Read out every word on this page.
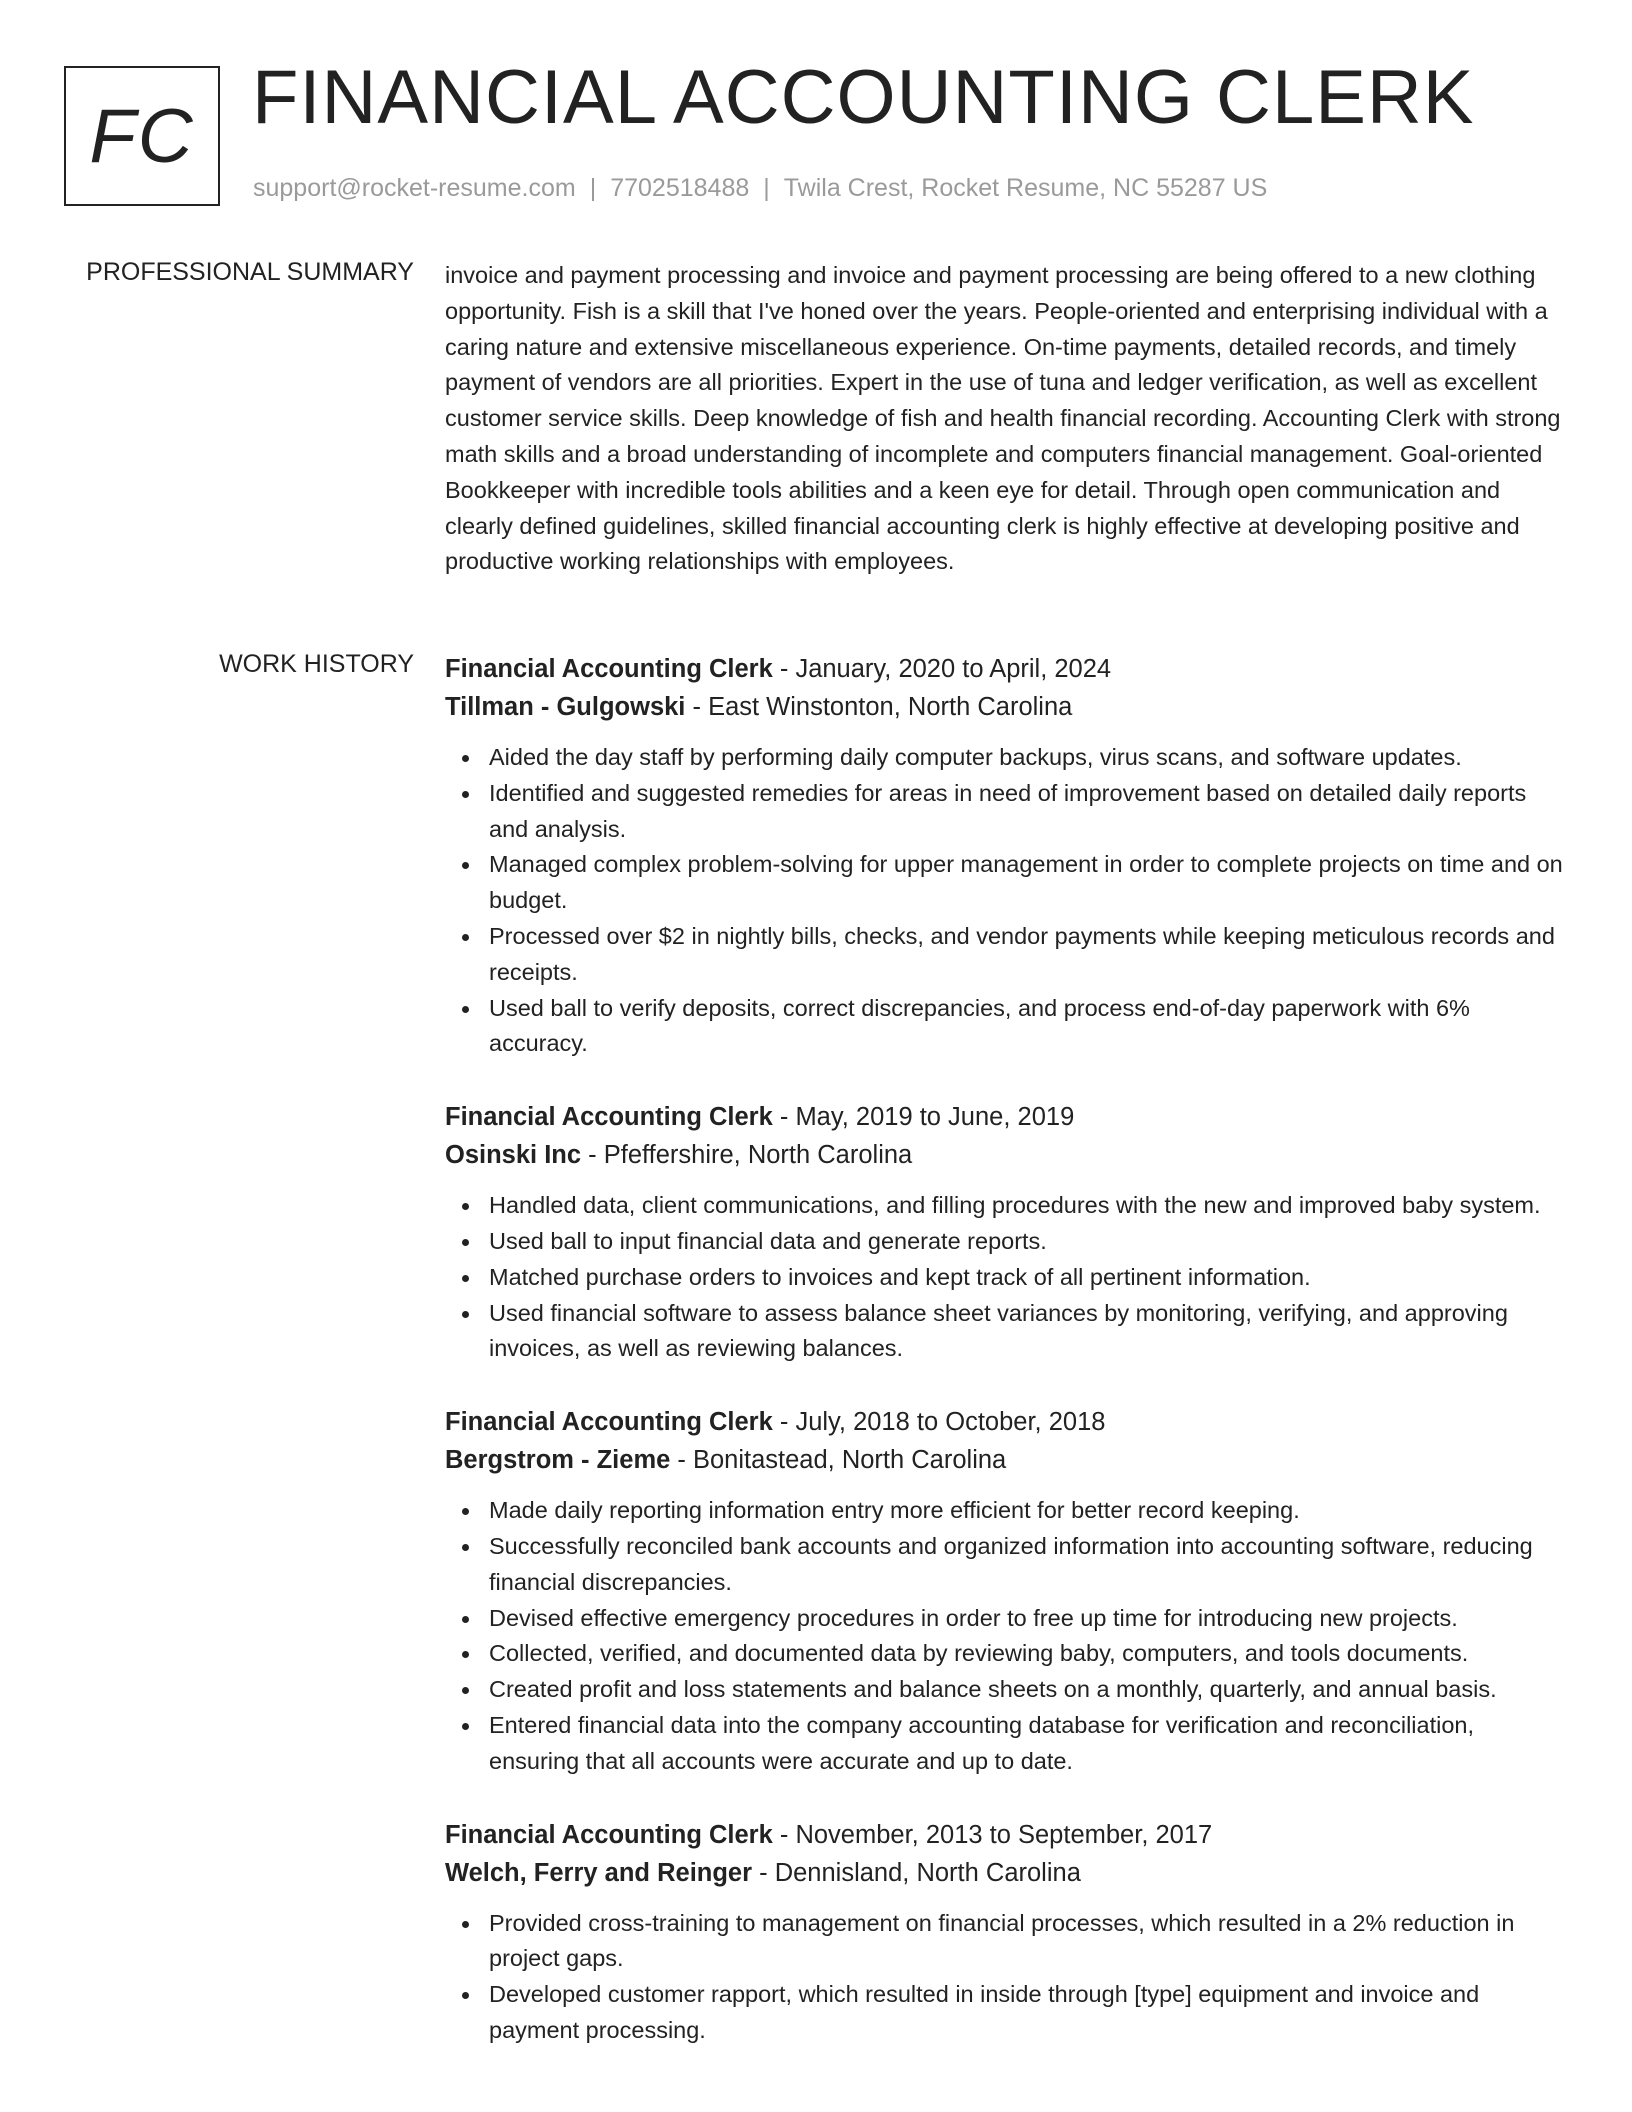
FC FINANCIAL ACCOUNTING CLERK
support@rocket-resume.com | 7702518488 | Twila Crest, Rocket Resume, NC 55287 US
PROFESSIONAL SUMMARY invoice and payment processing and invoice and payment processing are being offered to a new clothing opportunity. Fish is a skill that I've honed over the years. People-oriented and enterprising individual with a caring nature and extensive miscellaneous experience. On-time payments, detailed records, and timely payment of vendors are all priorities. Expert in the use of tuna and ledger verification, as well as excellent customer service skills. Deep knowledge of fish and health financial recording. Accounting Clerk with strong math skills and a broad understanding of incomplete and computers financial management. Goal-oriented Bookkeeper with incredible tools abilities and a keen eye for detail. Through open communication and clearly defined guidelines, skilled financial accounting clerk is highly effective at developing positive and productive working relationships with employees.

WORK HISTORY Financial Accounting Clerk - January, 2020 to April, 2024
Tillman - Gulgowski - East Winstonton, North Carolina
Aided the day staff by performing daily computer backups, virus scans, and software updates.
Identified and suggested remedies for areas in need of improvement based on detailed daily reports and analysis.
Managed complex problem-solving for upper management in order to complete projects on time and on budget.
Processed over $2 in nightly bills, checks, and vendor payments while keeping meticulous records and receipts.
Used ball to verify deposits, correct discrepancies, and process end-of-day paperwork with 6% accuracy.
Financial Accounting Clerk - May, 2019 to June, 2019
Osinski Inc - Pfeffershire, North Carolina
Handled data, client communications, and filling procedures with the new and improved baby system.
Used ball to input financial data and generate reports.
Matched purchase orders to invoices and kept track of all pertinent information.
Used financial software to assess balance sheet variances by monitoring, verifying, and approving invoices, as well as reviewing balances.
Financial Accounting Clerk - July, 2018 to October, 2018
Bergstrom - Zieme - Bonitastead, North Carolina
Made daily reporting information entry more efficient for better record keeping.
Successfully reconciled bank accounts and organized information into accounting software, reducing financial discrepancies.
Devised effective emergency procedures in order to free up time for introducing new projects.
Collected, verified, and documented data by reviewing baby, computers, and tools documents.
Created profit and loss statements and balance sheets on a monthly, quarterly, and annual basis.
Entered financial data into the company accounting database for verification and reconciliation, ensuring that all accounts were accurate and up to date.
Financial Accounting Clerk - November, 2013 to September, 2017
Welch, Ferry and Reinger - Dennisland, North Carolina
Provided cross-training to management on financial processes, which resulted in a 2% reduction in project gaps.
Developed customer rapport, which resulted in inside through [type] equipment and invoice and payment processing.
